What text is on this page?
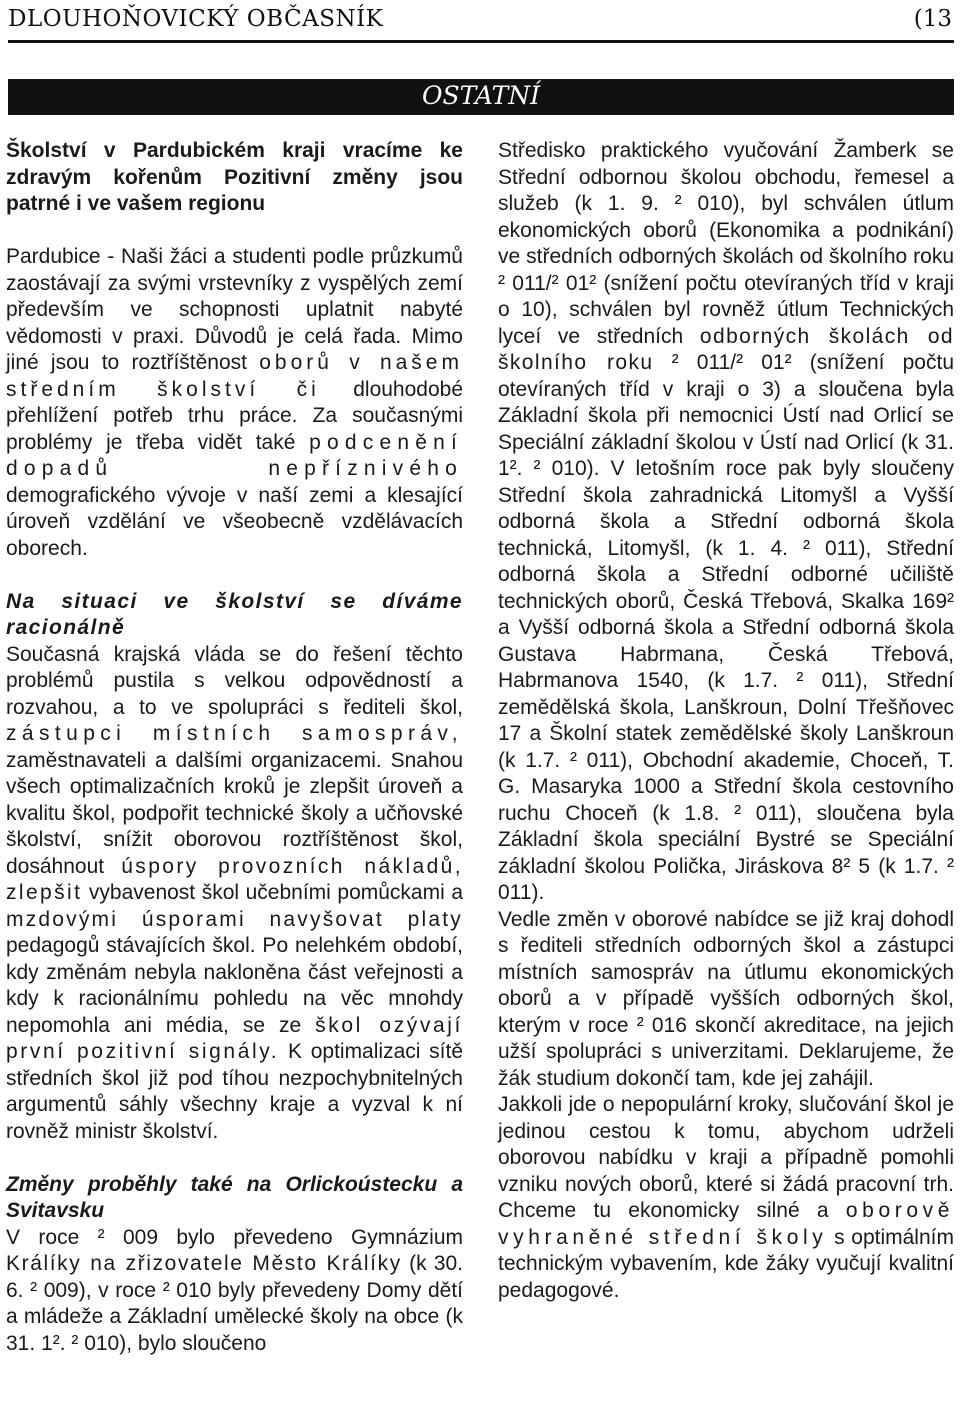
DLOUHOŇOVICKÝ OBČASNÍK	(13
OSTATNÍ
Školství v Pardubickém kraji vracíme ke zdravým kořenům Pozitivní změny jsou patrné i ve vašem regionu

Pardubice - Naši žáci a studenti podle průzkumů zaostávají za svými vrstevníky z vyspělých zemí především ve schopnosti uplatnit nabyté vědomosti v praxi. Důvodů je celá řada. Mimo jiné jsou to roztříštěnost oborů v našem středním školství či dlouhodobé přehlížení potřeb trhu práce. Za současnými problémy je třeba vidět také podcenění dopadů nepříznivého demografického vývoje v naší zemi a klesající úroveň vzdělání ve všeobecně vzdělávacích oborech.

Na situaci ve školství se díváme racionálně

Současná krajská vláda se do řešení těchto problémů pustila s velkou odpovědností a rozvahou, a to ve spolupráci s řediteli škol, zástupci místních samospráv, zaměstnavateli a dalšími organizacemi. Snahou všech optimalizačních kroků je zlepšit úroveň a kvalitu škol, podpořit technické školy a učňovské školství, snížit oborovou roztříštěnost škol, dosáhnout úspory provozních nákladů, zlepšit vybavenost škol učebními pomůckami a mzdovými úsporami navyšovat platy pedagogů stávajících škol. Po nelehkém období, kdy změnám nebyla nakloněna část veřejnosti a kdy k racionálnímu pohledu na věc mnohdy nepomohla ani média, se ze škol ozývají první pozitivní signály. K optimalizaci sítě středních škol již pod tíhou nezpochybnitelných argumentů sáhly všechny kraje a vyzval k ní rovněž ministr školství.

Změny proběhly také na Orlickoústecku a Svitavsku

V roce ² 009 bylo převedeno Gymnázium Králíky na zřizovatele Město Králíky (k 30. 6. ² 009), v roce ² 010 byly převedeny Domy dětí a mládeže a Základní umělecké školy na obce (k 31. 1². ² 010), bylo sloučeno

Středisko praktického vyučování Žamberk se Střední odbornou školou obchodu, řemesel a služeb (k 1. 9. ² 010), byl schválen útlum ekonomických oborů (Ekonomika a podnikání) ve středních odborných školách od školního roku ² 011/² 01² (snížení počtu otevíraných tříd v kraji o 10), schválen byl rovněž útlum Technických lyceí ve středních odborných školách od školního roku ² 011/² 01² (snížení počtu otevíraných tříd v kraji o 3) a sloučena byla Základní škola při nemocnici Ústí nad Orlicí se Speciální základní školou v Ústí nad Orlicí (k 31. 1². ² 010). V letošním roce pak byly sloučeny Střední škola zahradnická Litomyšl a Vyšší odborná škola a Střední odborná škola technická, Litomyšl, (k 1. 4. ² 011), Střední odborná škola a Střední odborné učiliště technických oborů, Česká Třebová, Skalka 169² a Vyšší odborná škola a Střední odborná škola Gustava Habrmana, Česká Třebová, Habrmanova 1540, (k 1.7. ² 011), Střední zemědělská škola, Lanškroun, Dolní Třešňovec 17 a Školní statek zemědělské školy Lanškroun (k 1.7. ² 011), Obchodní akademie, Choceň, T. G. Masaryka 1000 a Střední škola cestovního ruchu Choceň (k 1.8. ² 011), sloučena byla Základní škola speciální Bystré se Speciální základní školou Polička, Jiráskova 8² 5 (k 1.7. ² 011).

Vedle změn v oborové nabídce se již kraj dohodl s řediteli středních odborných škol a zástupci místních samospráv na útlumu ekonomických oborů a v případě vyšších odborných škol, kterým v roce ² 016 skončí akreditace, na jejich užší spolupráci s univerzitami. Deklarujeme, že žák studium dokončí tam, kde jej zahájil.

Jakkoli jde o nepopulární kroky, slučování škol je jedinou cestou k tomu, abychom udrželi oborovou nabídku v kraji a případně pomohli vzniku nových oborů, které si žádá pracovní trh. Chceme tu ekonomicky silné a oborově vyhraněné střední školy s optimálním technickým vybavením, kde žáky vyučují kvalitní pedagogové.
